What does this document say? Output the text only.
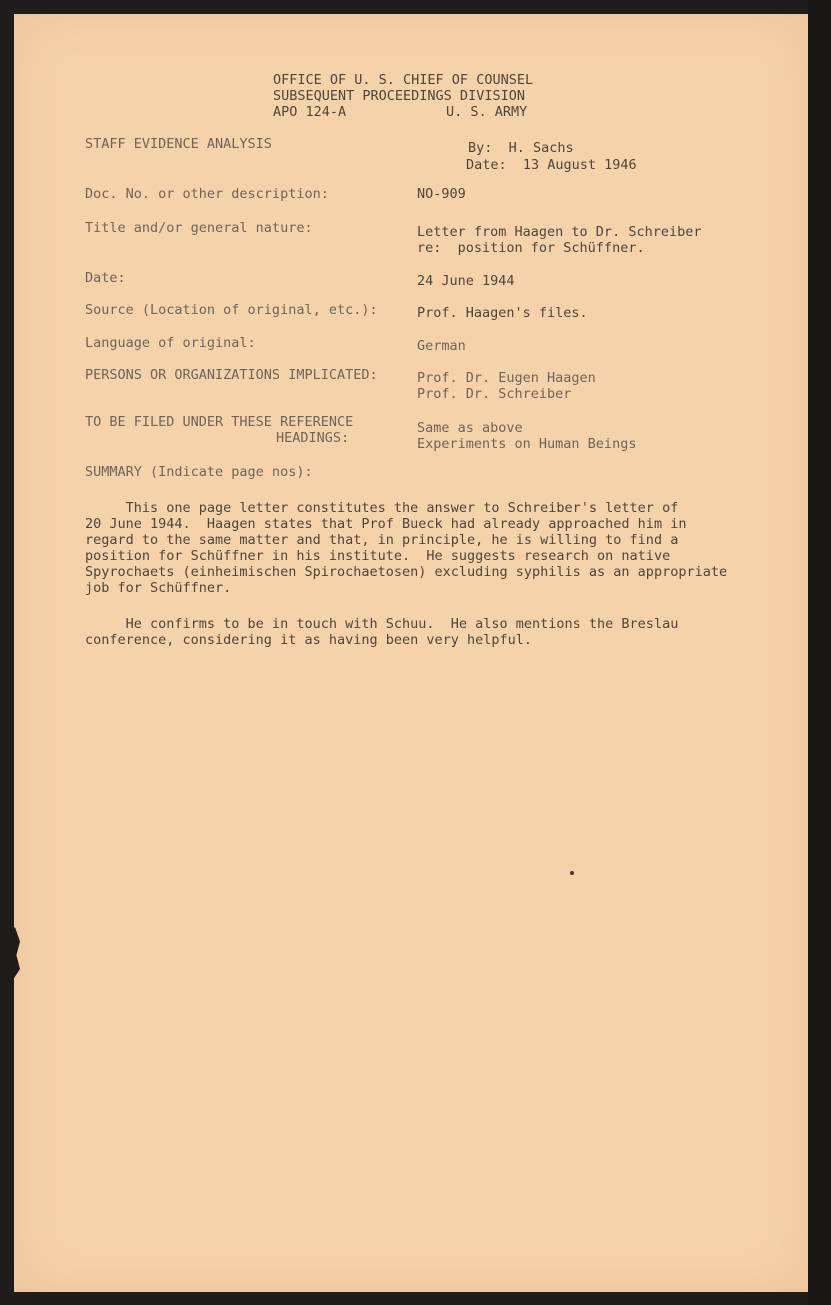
OFFICE OF U. S. CHIEF OF COUNSEL
SUBSEQUENT PROCEEDINGS DIVISION
APO 124-A	U. S. ARMY
STAFF EVIDENCE ANALYSIS	By:  H. Sachs
Date:  13 August 1946
Doc. No. or other description:	NO-909
Title and/or general nature:	Letter from Haagen to Dr. Schreiber
re:  position for Schüffner.
Date:	24 June 1944
Source (Location of original, etc.):	Prof. Haagen's files.
Language of original:	German
PERSONS OR ORGANIZATIONS IMPLICATED:	Prof. Dr. Eugen Haagen
Prof. Dr. Schreiber
TO BE FILED UNDER THESE REFERENCE
HEADINGS:
Same as above
Experiments on Human Beings
SUMMARY (Indicate page nos):
This one page letter constitutes the answer to Schreiber's letter of
20 June 1944.  Haagen states that Prof Bueck had already approached him in
regard to the same matter and that, in principle, he is willing to find a
position for Schüffner in his institute.  He suggests research on native
Spyrochaets (einheimischen Spirochaetosen) excluding syphilis as an appropriate
job for Schüffner.
He confirms to be in touch with Schuu.  He also mentions the Breslau
conference, considering it as having been very helpful.
